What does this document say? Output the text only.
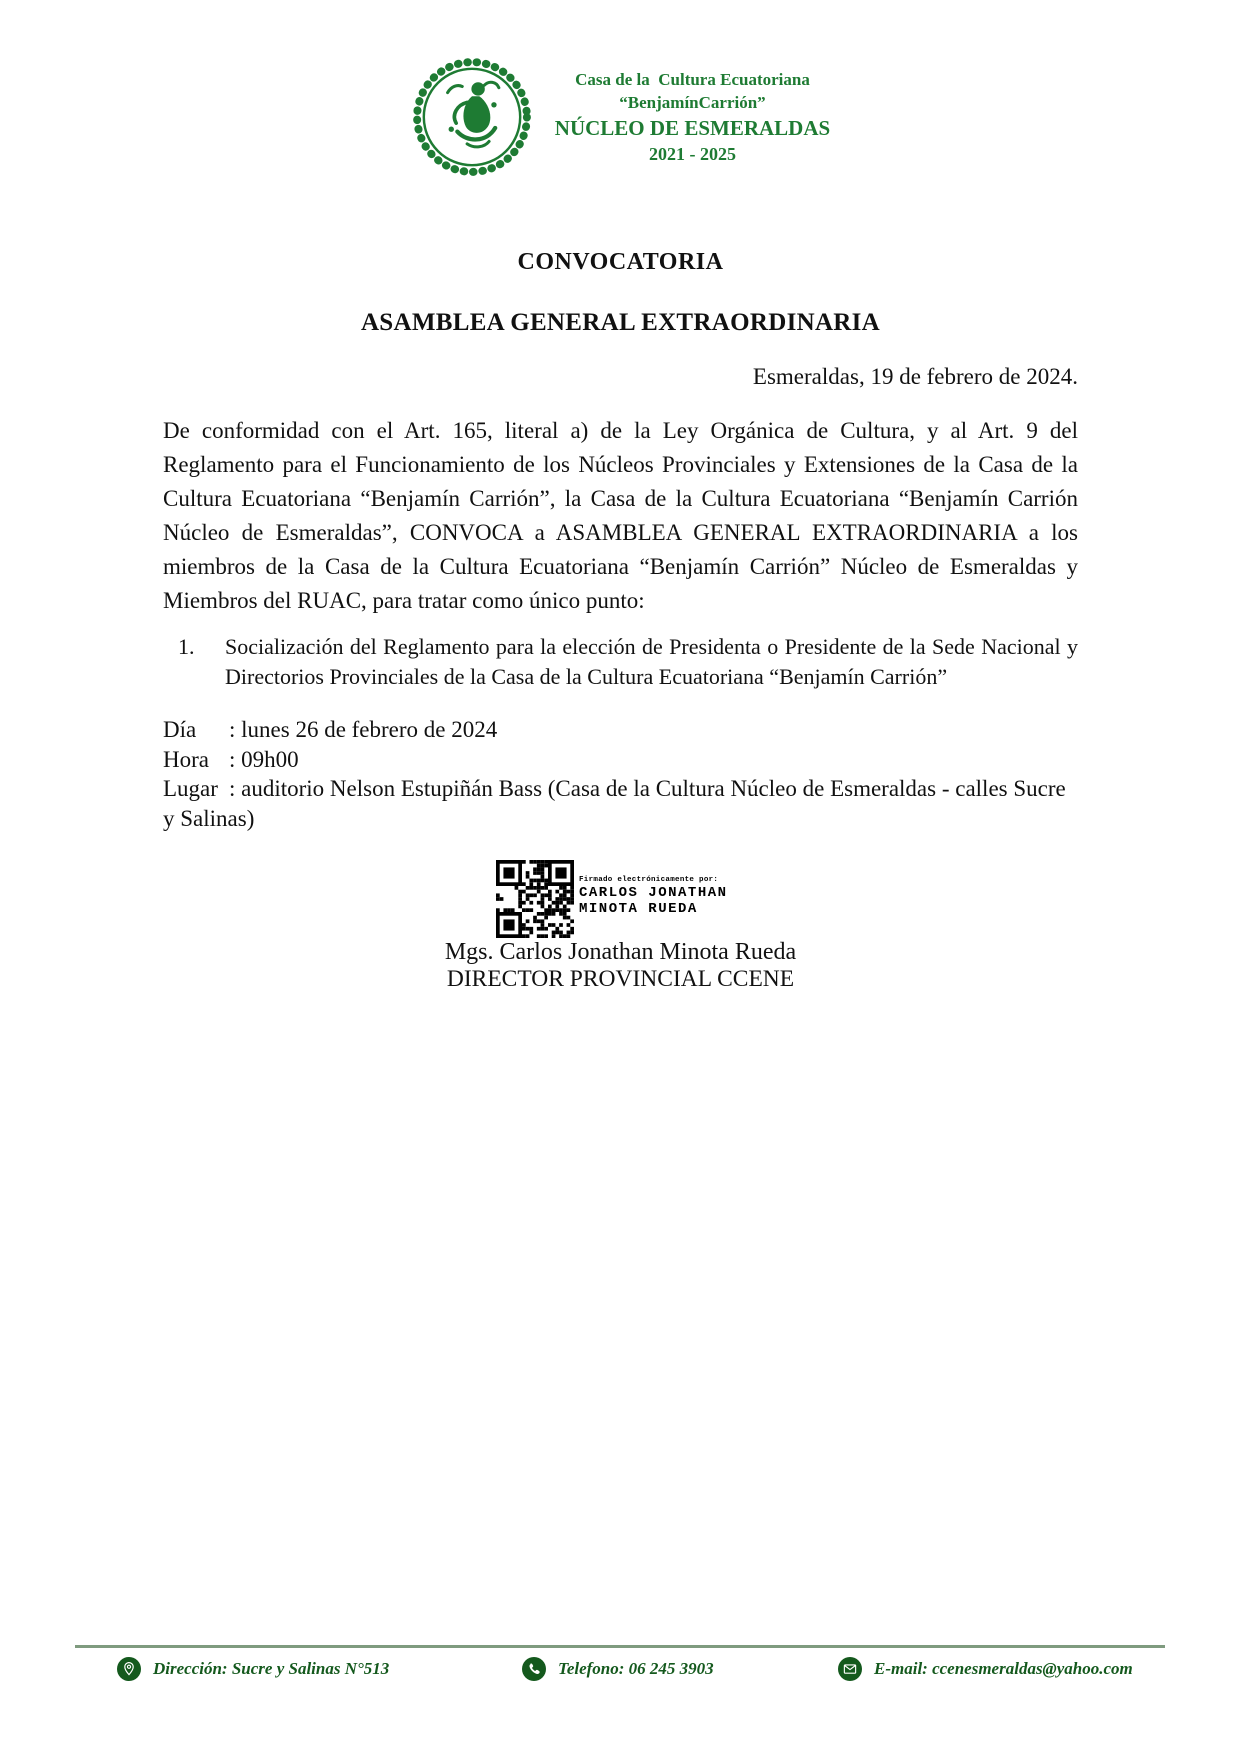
Casa de la  Cultura Ecuatoriana
“BenjamínCarrión”
NÚCLEO DE ESMERALDAS
2021 - 2025
CONVOCATORIA
ASAMBLEA GENERAL EXTRAORDINARIA
Esmeraldas, 19 de febrero de 2024.

De conformidad con el Art. 165, literal a) de la Ley Orgánica de Cultura, y al Art. 9 del Reglamento para el Funcionamiento de los Núcleos Provinciales y Extensiones de la Casa de la Cultura Ecuatoriana “Benjamín Carrión”, la Casa de la Cultura Ecuatoriana “Benjamín Carrión Núcleo de Esmeraldas”, CONVOCA a ASAMBLEA GENERAL EXTRAORDINARIA a los miembros de la Casa de la Cultura Ecuatoriana “Benjamín Carrión” Núcleo de Esmeraldas y Miembros del RUAC, para tratar como único punto:

1.	Socialización del Reglamento para la elección de Presidenta o Presidente de la Sede Nacional y Directorios Provinciales de la Casa de la Cultura Ecuatoriana “Benjamín Carrión”
Día : lunes 26 de febrero de 2024
Hora : 09h00
Lugar : auditorio Nelson Estupiñán Bass (Casa de la Cultura Núcleo de Esmeraldas - calles Sucre y Salinas)
Firmado electrónicamente por:
CARLOS JONATHAN
MINOTA RUEDA
Mgs. Carlos Jonathan Minota Rueda
DIRECTOR PROVINCIAL CCENE
Dirección: Sucre y Salinas N°513	Telefono: 06 245 3903	E-mail: ccenesmeraldas@yahoo.com
